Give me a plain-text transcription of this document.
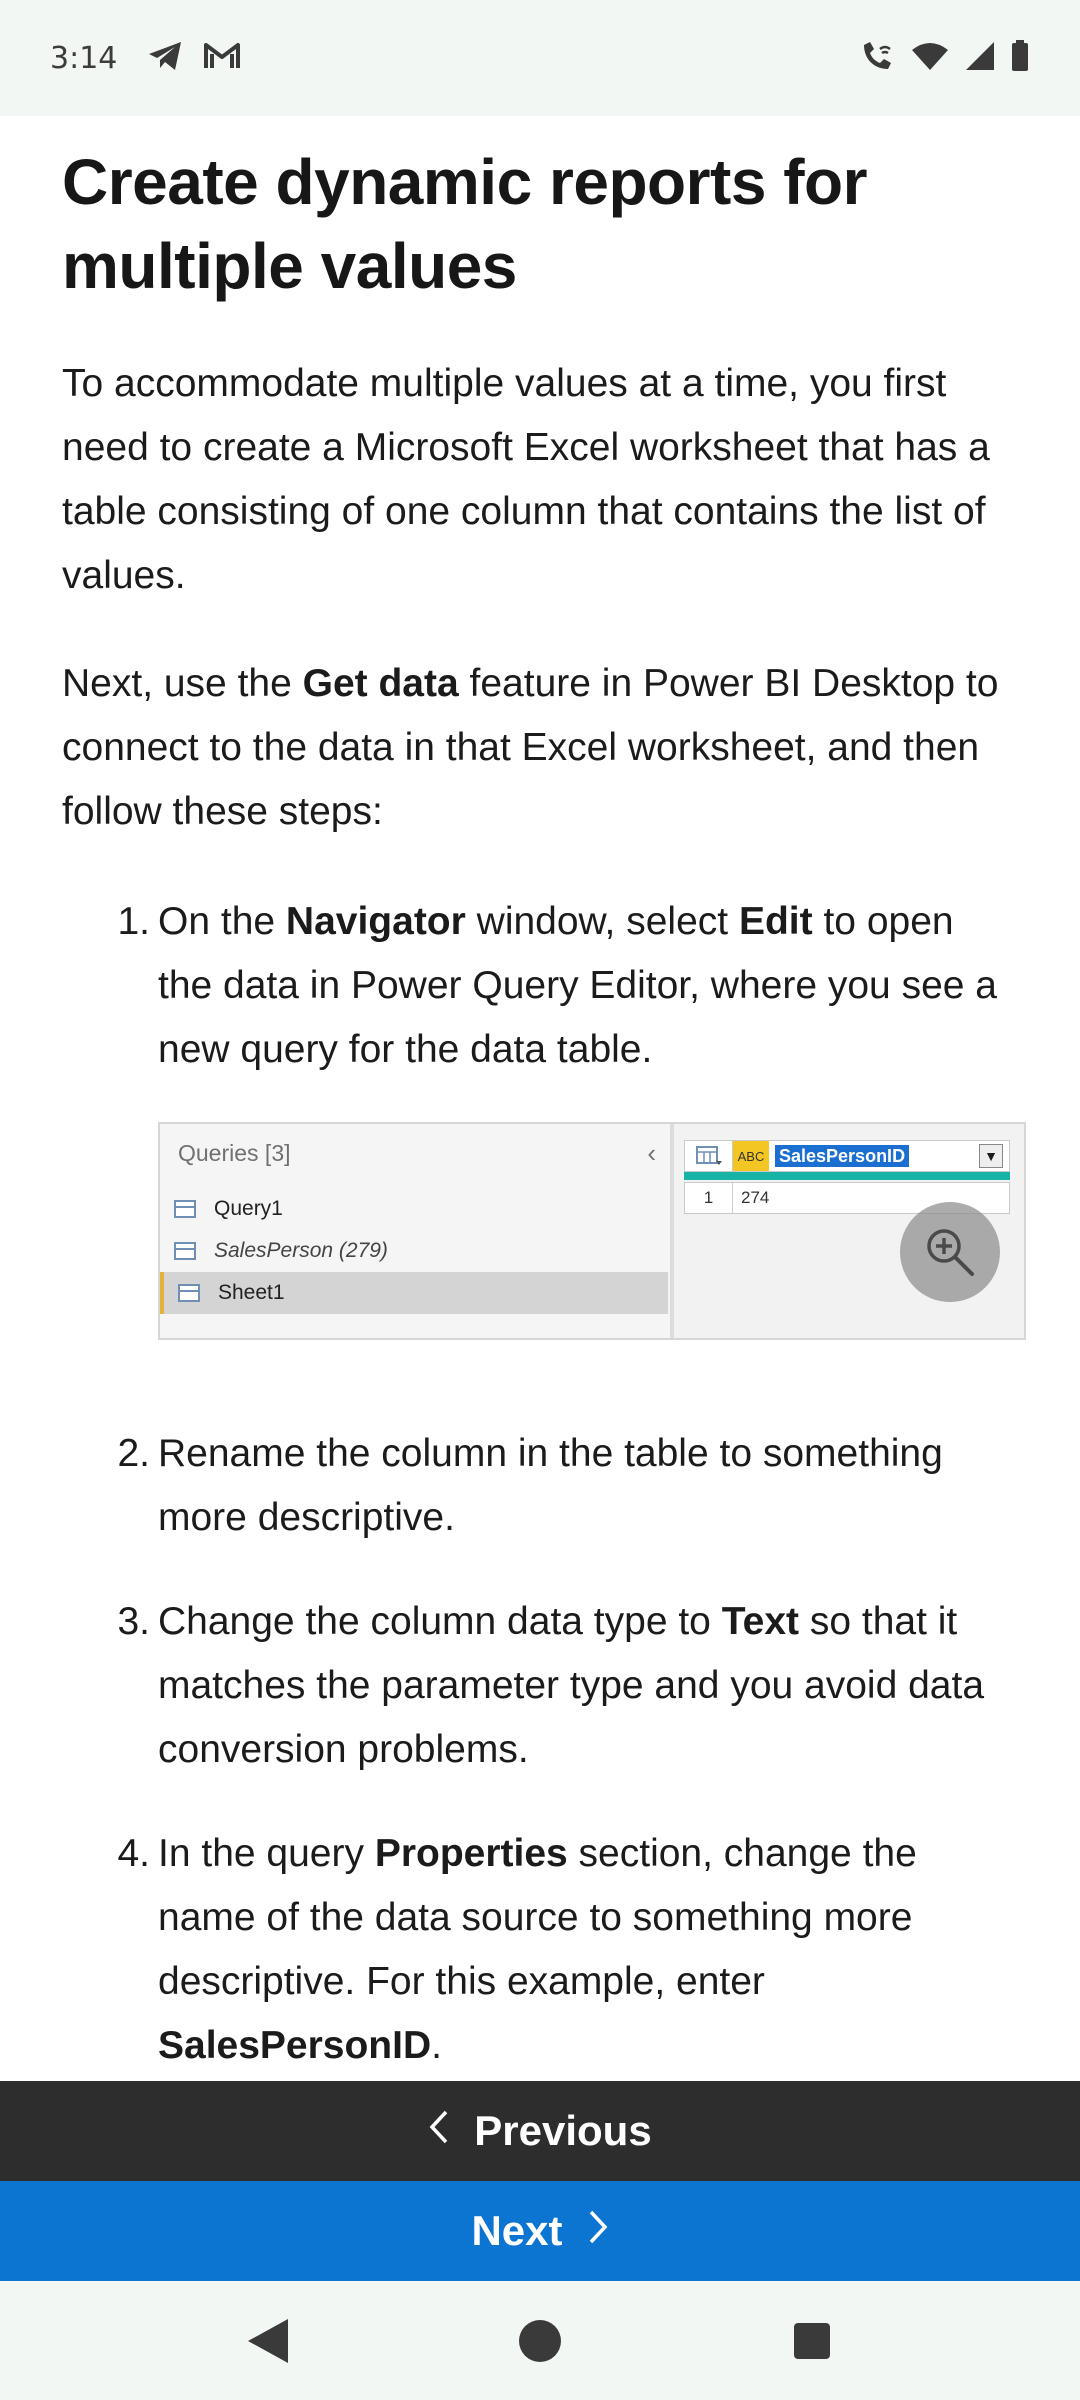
3:14
Create dynamic reports for multiple values

To accommodate multiple values at a time, you first need to create a Microsoft Excel worksheet that has a table consisting of one column that contains the list of values.

Next, use the Get data feature in Power BI Desktop to connect to the data in that Excel worksheet, and then follow these steps:

1. On the Navigator window, select Edit to open the data in Power Query Editor, where you see a new query for the data table.
Queries [3]	‹
Query1
SalesPerson (279)
Sheet1
ABC SalesPersonID	▼
1	274
2. Rename the column in the table to something more descriptive.
3. Change the column data type to Text so that it matches the parameter type and you avoid data conversion problems.
4. In the query Properties section, change the name of the data source to something more descriptive. For this example, enter SalesPersonID.
Previous
Next
